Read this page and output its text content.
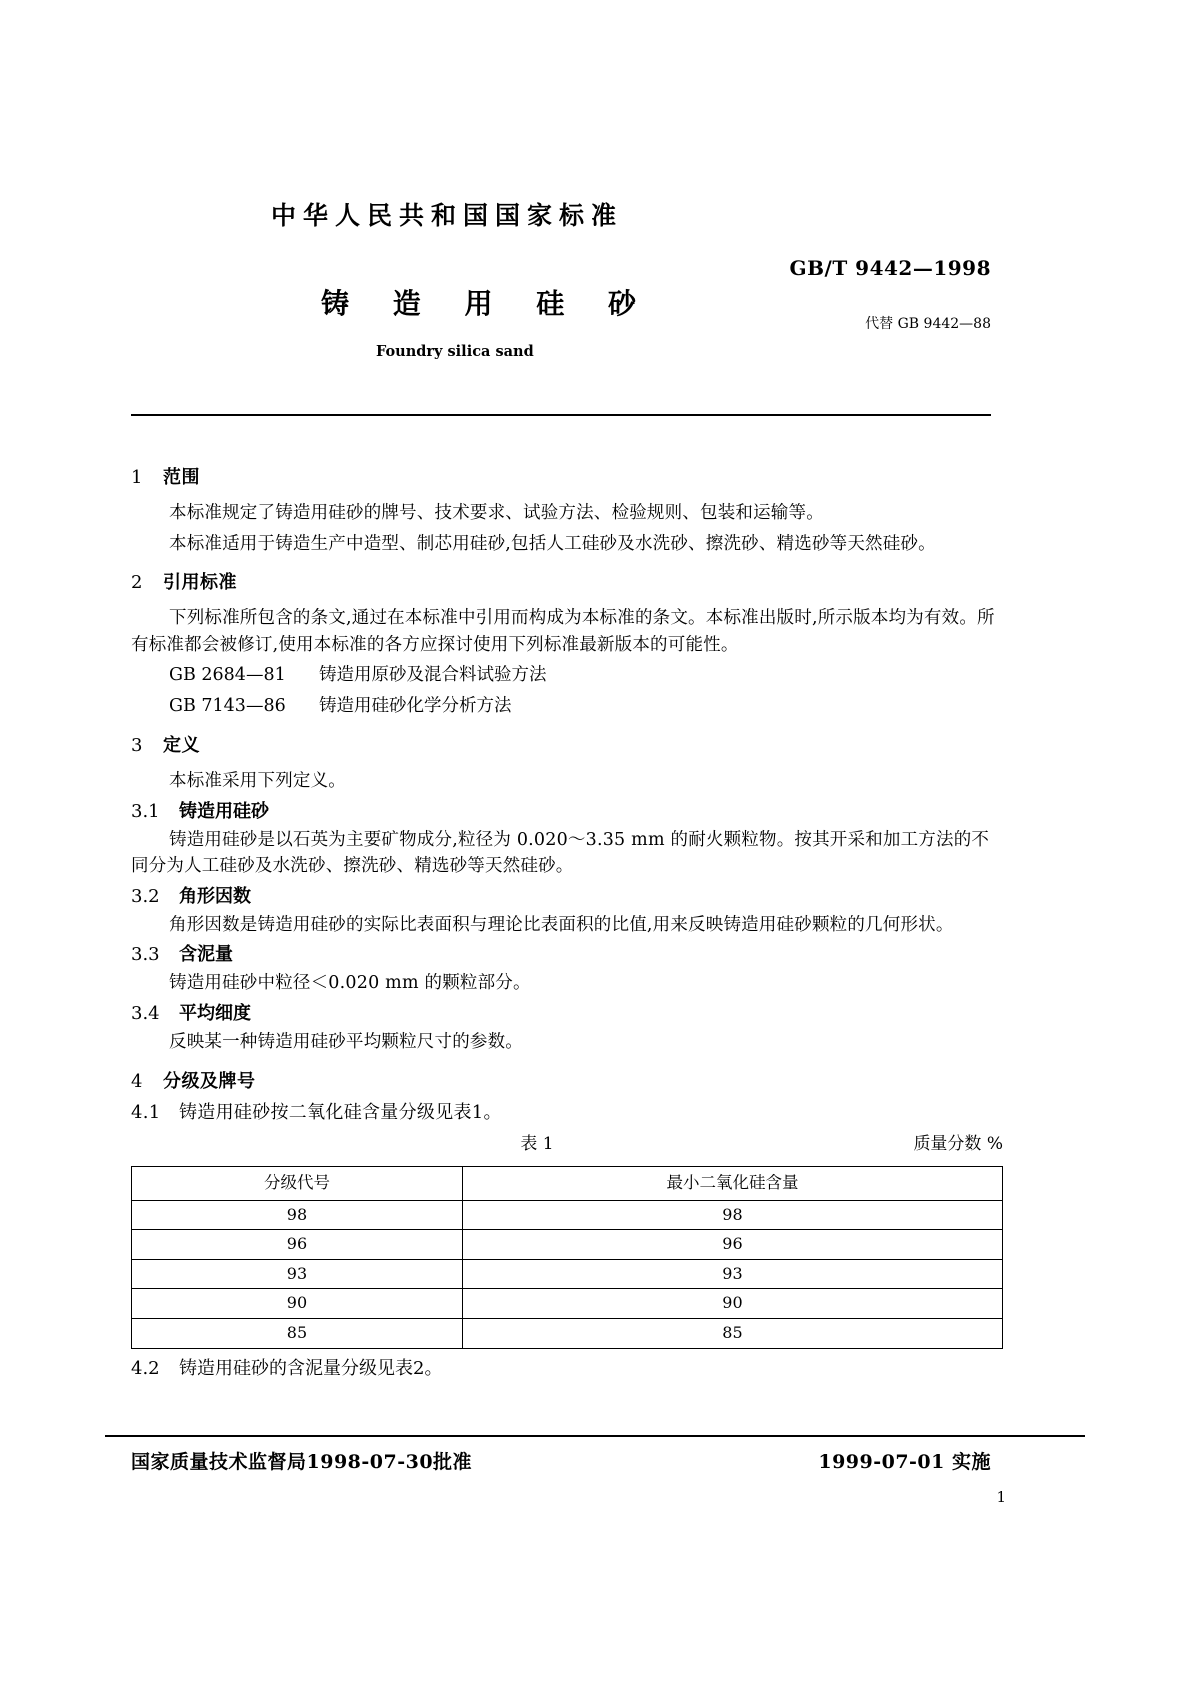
中华人民共和国国家标准
铸 造 用 硅 砂
Foundry silica sand
GB/T 9442—1998
代替 GB 9442—88
1 范围

本标准规定了铸造用硅砂的牌号、技术要求、试验方法、检验规则、包装和运输等。

本标准适用于铸造生产中造型、制芯用硅砂,包括人工硅砂及水洗砂、擦洗砂、精选砂等天然硅砂。

2 引用标准

下列标准所包含的条文,通过在本标准中引用而构成为本标准的条文。本标准出版时,所示版本均为有效。所有标准都会被修订,使用本标准的各方应探讨使用下列标准最新版本的可能性。

GB 2684—81 铸造用原砂及混合料试验方法
GB 7143—86 铸造用硅砂化学分析方法
3 定义

本标准采用下列定义。

3.1 铸造用硅砂

铸造用硅砂是以石英为主要矿物成分,粒径为 0.020～3.35 mm 的耐火颗粒物。按其开采和加工方法的不同分为人工硅砂及水洗砂、擦洗砂、精选砂等天然硅砂。

3.2 角形因数

角形因数是铸造用硅砂的实际比表面积与理论比表面积的比值,用来反映铸造用硅砂颗粒的几何形状。

3.3 含泥量

铸造用硅砂中粒径＜0.020 mm 的颗粒部分。

3.4 平均细度

反映某一种铸造用硅砂平均颗粒尺寸的参数。

4 分级及牌号
4.1 铸造用硅砂按二氧化硅含量分级见表1。
表 1	质量分数 %
分级代号	最小二氧化硅含量
98	98
96	96
93	93
90	90
85	85
4.2 铸造用硅砂的含泥量分级见表2。
国家质量技术监督局1998‐07‐30批准	1999‐07‐01 实施
1
